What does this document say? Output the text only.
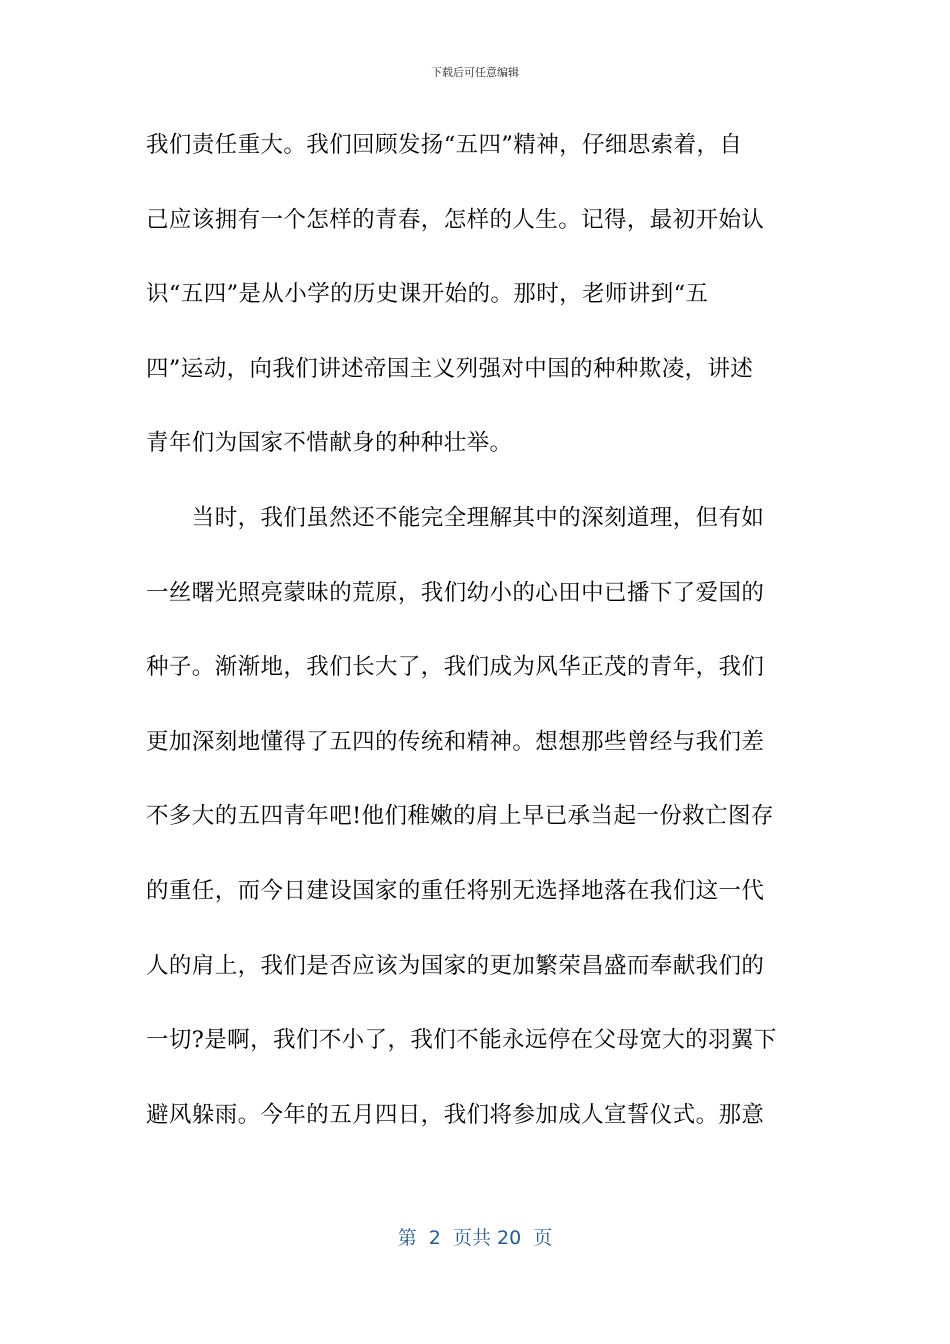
下载后可任意编辑
我们责任重大。我们回顾发扬“五四”精神，仔细思索着，自
己应该拥有一个怎样的青春，怎样的人生。记得，最初开始认
识“五四”是从小学的历史课开始的。那时，老师讲到“五
四”运动，向我们讲述帝国主义列强对中国的种种欺凌，讲述
青年们为国家不惜献身的种种壮举。
　　当时，我们虽然还不能完全理解其中的深刻道理，但有如
一丝曙光照亮蒙昧的荒原，我们幼小的心田中已播下了爱国的
种子。渐渐地，我们长大了，我们成为风华正茂的青年，我们
更加深刻地懂得了五四的传统和精神。想想那些曾经与我们差
不多大的五四青年吧!他们稚嫩的肩上早已承当起一份救亡图存
的重任，而今日建设国家的重任将别无选择地落在我们这一代
人的肩上，我们是否应该为国家的更加繁荣昌盛而奉献我们的
一切?是啊，我们不小了，我们不能永远停在父母宽大的羽翼下
避风躲雨。今年的五月四日，我们将参加成人宣誓仪式。那意
第  2  页共 20  页
